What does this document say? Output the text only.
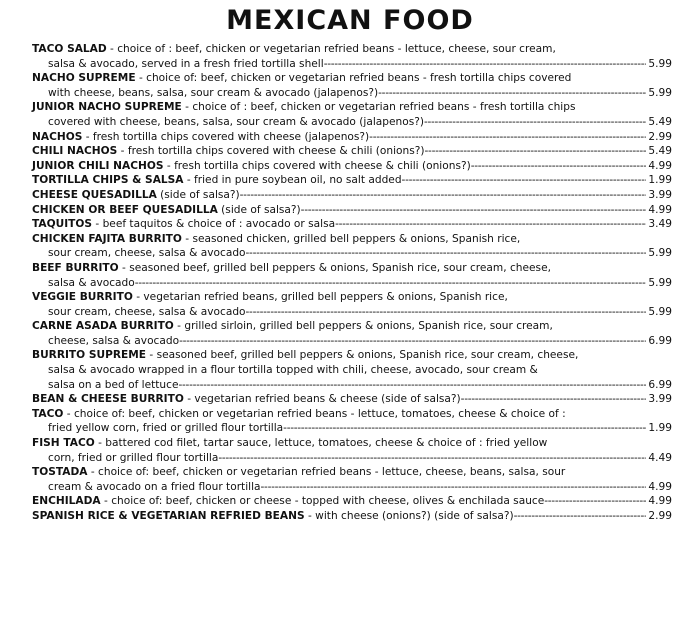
MEXICAN FOOD
TACO SALAD - choice of : beef, chicken or vegetarian refried beans - lettuce, cheese, sour cream,
salsa & avocado, served in a fresh fried tortilla shell -----	5.99
NACHO SUPREME - choice of: beef, chicken or vegetarian refried beans - fresh tortilla chips covered
with cheese, beans, salsa, sour cream & avocado (jalapenos?) -----	5.99
JUNIOR NACHO SUPREME - choice of : beef, chicken or vegetarian refried beans - fresh tortilla chips
covered with cheese, beans, salsa, sour cream & avocado (jalapenos?) -----	5.49
NACHOS - fresh tortilla chips covered with cheese (jalapenos?) -----	2.99
CHILI NACHOS - fresh tortilla chips covered with cheese & chili (onions?) -----	5.49
JUNIOR CHILI NACHOS - fresh tortilla chips covered with cheese & chili (onions?) -----	4.99
TORTILLA CHIPS & SALSA - fried in pure soybean oil, no salt added -----	1.99
CHEESE QUESADILLA (side of salsa?) -----	3.99
CHICKEN OR BEEF QUESADILLA (side of salsa?) -----	4.99
TAQUITOS - beef taquitos & choice of : avocado or salsa -----	3.49
CHICKEN FAJITA BURRITO - seasoned chicken, grilled bell peppers & onions, Spanish rice,
sour cream, cheese, salsa & avocado -----	5.99
BEEF BURRITO - seasoned beef, grilled bell peppers & onions, Spanish rice, sour cream, cheese,
salsa & avocado -----	5.99
VEGGIE BURRITO - vegetarian refried beans, grilled bell peppers & onions, Spanish rice,
sour cream, cheese, salsa & avocado -----	5.99
CARNE ASADA BURRITO - grilled sirloin, grilled bell peppers & onions, Spanish rice, sour cream,
cheese, salsa & avocado -----	6.99
BURRITO SUPREME - seasoned beef, grilled bell peppers & onions, Spanish rice, sour cream, cheese,
salsa & avocado wrapped in a flour tortilla topped with chili, cheese, avocado, sour cream &
salsa on a bed of lettuce -----	6.99
BEAN & CHEESE BURRITO - vegetarian refried beans & cheese (side of salsa?) -----	3.99
TACO - choice of: beef, chicken or vegetarian refried beans - lettuce, tomatoes, cheese & choice of :
fried yellow corn, fried or grilled flour tortilla -----	1.99
FISH TACO - battered cod filet, tartar sauce, lettuce, tomatoes, cheese & choice of : fried yellow
corn, fried or grilled flour tortilla -----	4.49
TOSTADA - choice of: beef, chicken or vegetarian refried beans - lettuce, cheese, beans, salsa, sour
cream & avocado on a fried flour tortilla -----	4.99
ENCHILADA - choice of: beef, chicken or cheese - topped with cheese, olives & enchilada sauce -----	4.99
SPANISH RICE & VEGETARIAN REFRIED BEANS - with cheese (onions?) (side of salsa?) -----	2.99
